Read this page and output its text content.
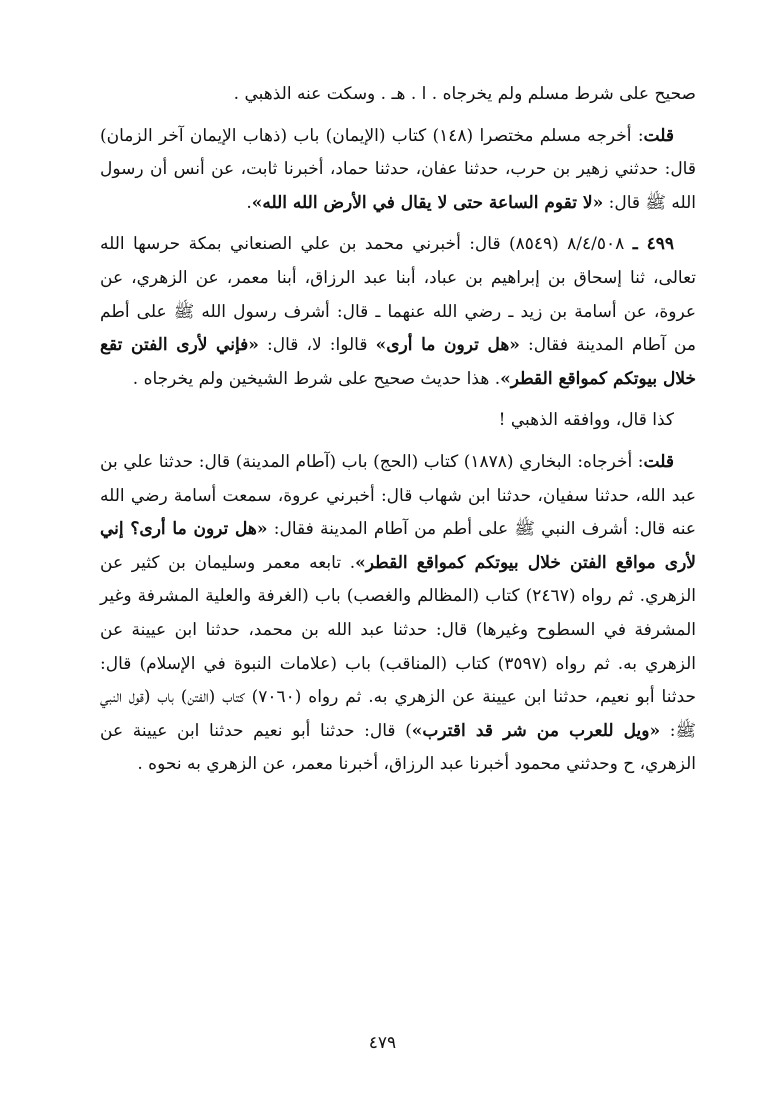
صحيح على شرط مسلم ولم يخرجاه . ا . هـ . وسكت عنه الذهبي .

قلت: أخرجه مسلم مختصرا (١٤٨) كتاب (الإيمان) باب (ذهاب الإيمان آخر الزمان) قال: حدثني زهير بن حرب، حدثنا عفان، حدثنا حماد، أخبرنا ثابت، عن أنس أن رسول الله ﷺ قال: «لا تقوم الساعة حتى لا يقال في الأرض الله الله».

٤٩٩ ـ ٨/٤/٥٠٨ (٨٥٤٩) قال: أخبرني محمد بن علي الصنعاني بمكة حرسها الله تعالى، ثنا إسحاق بن إبراهيم بن عباد، أبنا عبد الرزاق، أبنا معمر، عن الزهري، عن عروة، عن أسامة بن زيد ـ رضي الله عنهما ـ قال: أشرف رسول الله ﷺ على أطم من آطام المدينة فقال: «هل ترون ما أرى» قالوا: لا، قال: «فإني لأرى الفتن تقع خلال بيوتكم كمواقع القطر». هذا حديث صحيح على شرط الشيخين ولم يخرجاه .

كذا قال، ووافقه الذهبي !

قلت: أخرجاه: البخاري (١٨٧٨) كتاب (الحج) باب (آطام المدينة) قال: حدثنا علي بن عبد الله، حدثنا سفيان، حدثنا ابن شهاب قال: أخبرني عروة، سمعت أسامة رضي الله عنه قال: أشرف النبي ﷺ على أطم من آطام المدينة فقال: «هل ترون ما أرى؟ إني لأرى مواقع الفتن خلال بيوتكم كمواقع القطر». تابعه معمر وسليمان بن كثير عن الزهري. ثم رواه (٢٤٦٧) كتاب (المظالم والغصب) باب (الغرفة والعلية المشرفة وغير المشرفة في السطوح وغيرها) قال: حدثنا عبد الله بن محمد، حدثنا ابن عيينة عن الزهري به. ثم رواه (٣٥٩٧) كتاب (المناقب) باب (علامات النبوة في الإسلام) قال: حدثنا أبو نعيم، حدثنا ابن عيينة عن الزهري به. ثم رواه (٧٠٦٠) كتاب (الفتن) باب (قول النبي ﷺ: «ويل للعرب من شر قد اقترب») قال: حدثنا أبو نعيم حدثنا ابن عيينة عن الزهري، ح وحدثني محمود أخبرنا عبد الرزاق، أخبرنا معمر، عن الزهري به نحوه .

٤٧٩
